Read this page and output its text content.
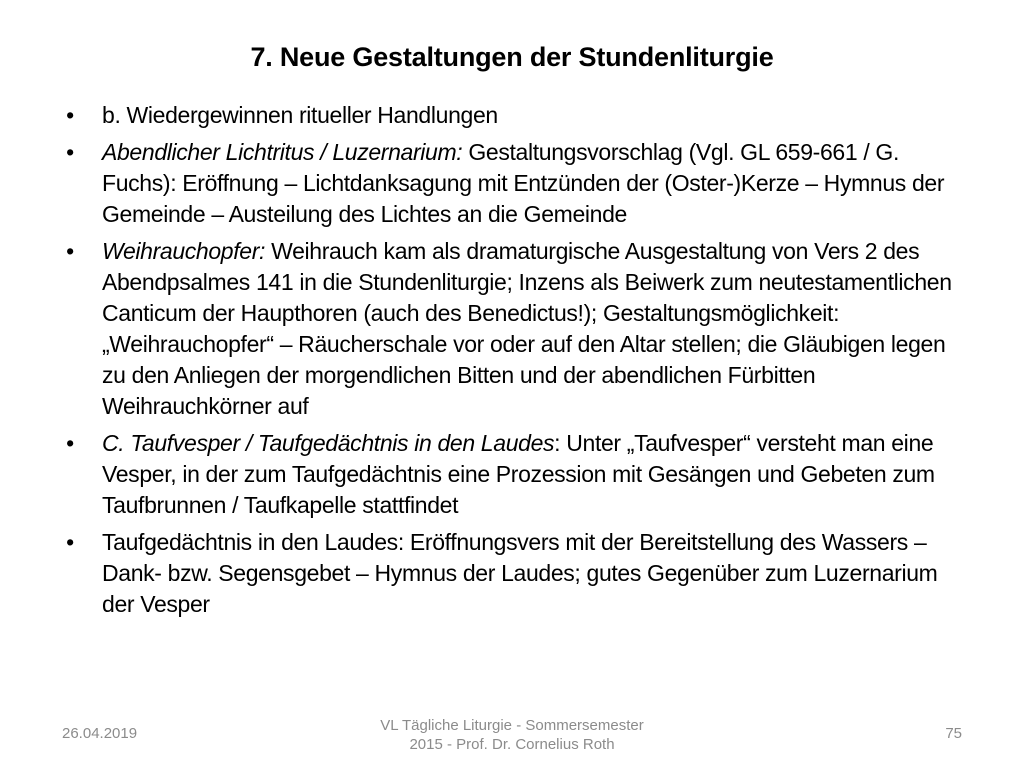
7. Neue Gestaltungen der Stundenliturgie
• b. Wiedergewinnen ritueller Handlungen
• Abendlicher Lichtritus / Luzernarium: Gestaltungsvorschlag (Vgl. GL 659-661 / G. Fuchs): Eröffnung – Lichtdanksagung mit Entzünden der (Oster-)Kerze – Hymnus der Gemeinde – Austeilung des Lichtes an die Gemeinde
• Weihrauchopfer: Weihrauch kam als dramaturgische Ausgestaltung von Vers 2 des Abendpsalmes 141 in die Stundenliturgie; Inzens als Beiwerk zum neutestamentlichen Canticum der Haupthoren (auch des Benedictus!); Gestaltungsmöglichkeit: „Weihrauchopfer“ – Räucherschale vor oder auf den Altar stellen; die Gläubigen legen zu den Anliegen der morgendlichen Bitten und der abendlichen Fürbitten Weihrauchkörner auf
• C. Taufvesper / Taufgedächtnis in den Laudes: Unter „Taufvesper“ versteht man eine Vesper, in der zum Taufgedächtnis eine Prozession mit Gesängen und Gebeten zum Taufbrunnen / Taufkapelle stattfindet
• Taufgedächtnis in den Laudes: Eröffnungsvers mit der Bereitstellung des Wassers – Dank- bzw. Segensgebet – Hymnus der Laudes; gutes Gegenüber zum Luzernarium der Vesper
26.04.2019	VL Tägliche Liturgie - Sommersemester
2015 - Prof. Dr. Cornelius Roth
75
